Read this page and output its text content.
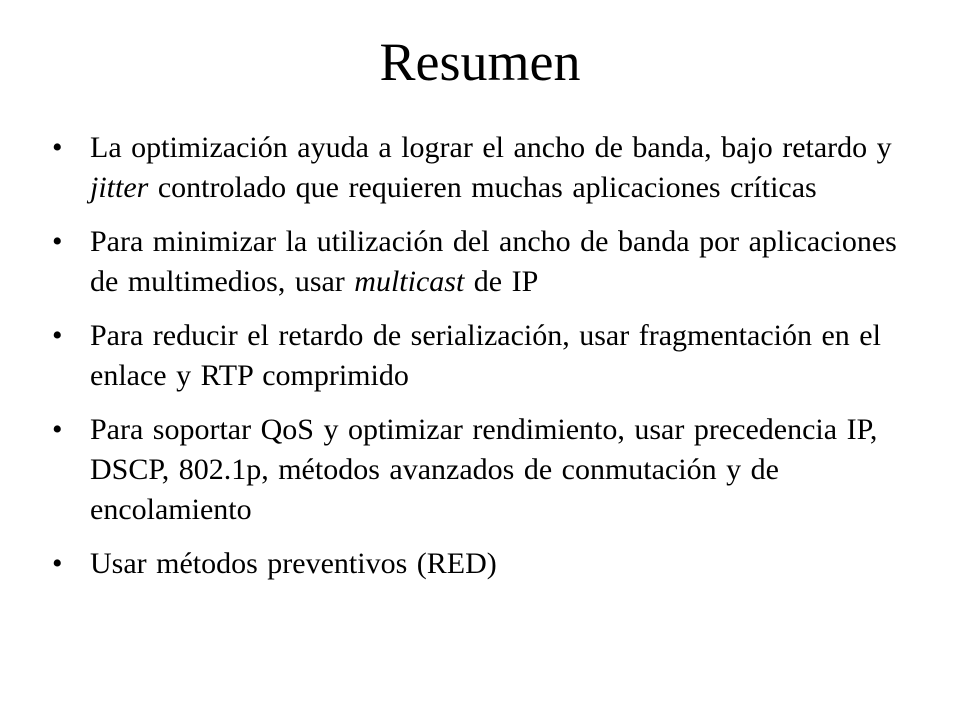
Resumen
• La optimización ayuda a lograr el ancho de banda, bajo retardo y jitter controlado que requieren muchas aplicaciones críticas
• Para minimizar la utilización del ancho de banda por aplicaciones de multimedios, usar multicast de IP
• Para reducir el retardo de serialización, usar fragmentación en el enlace y RTP comprimido
• Para soportar QoS y optimizar rendimiento, usar precedencia IP, DSCP, 802.1p, métodos avanzados de conmutación y de encolamiento
• Usar métodos preventivos (RED)
